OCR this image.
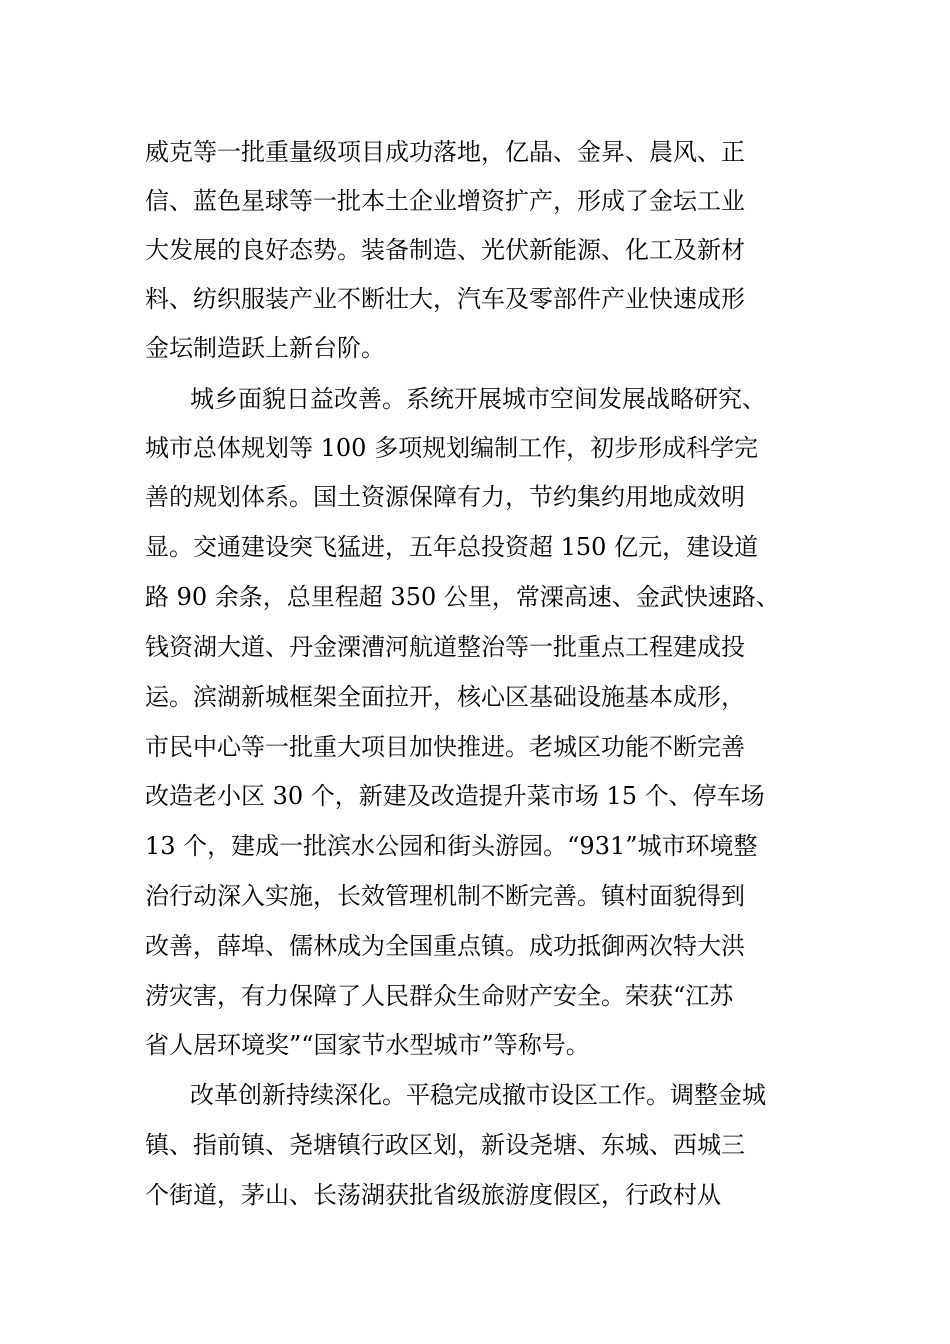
威克等一批重量级项目成功落地，亿晶、金昇、晨风、正
信、蓝色星球等一批本土企业增资扩产，形成了金坛工业
大发展的良好态势。装备制造、光伏新能源、化工及新材
料、纺织服装产业不断壮大，汽车及零部件产业快速成形
金坛制造跃上新台阶。
城乡面貌日益改善。系统开展城市空间发展战略研究、
城市总体规划等 100 多项规划编制工作，初步形成科学完
善的规划体系。国土资源保障有力，节约集约用地成效明
显。交通建设突飞猛进，五年总投资超 150 亿元，建设道
路 90 余条，总里程超 350 公里，常溧高速、金武快速路、
钱资湖大道、丹金溧漕河航道整治等一批重点工程建成投
运。滨湖新城框架全面拉开，核心区基础设施基本成形，
市民中心等一批重大项目加快推进。老城区功能不断完善
改造老小区 30 个，新建及改造提升菜市场 15 个、停车场
13 个，建成一批滨水公园和街头游园。“931”城市环境整
治行动深入实施，长效管理机制不断完善。镇村面貌得到
改善，薛埠、儒林成为全国重点镇。成功抵御两次特大洪
涝灾害，有力保障了人民群众生命财产安全。荣获“江苏
省人居环境奖”“国家节水型城市”等称号。
改革创新持续深化。平稳完成撤市设区工作。调整金城
镇、指前镇、尧塘镇行政区划，新设尧塘、东城、西城三
个街道，茅山、长荡湖获批省级旅游度假区，行政村从
